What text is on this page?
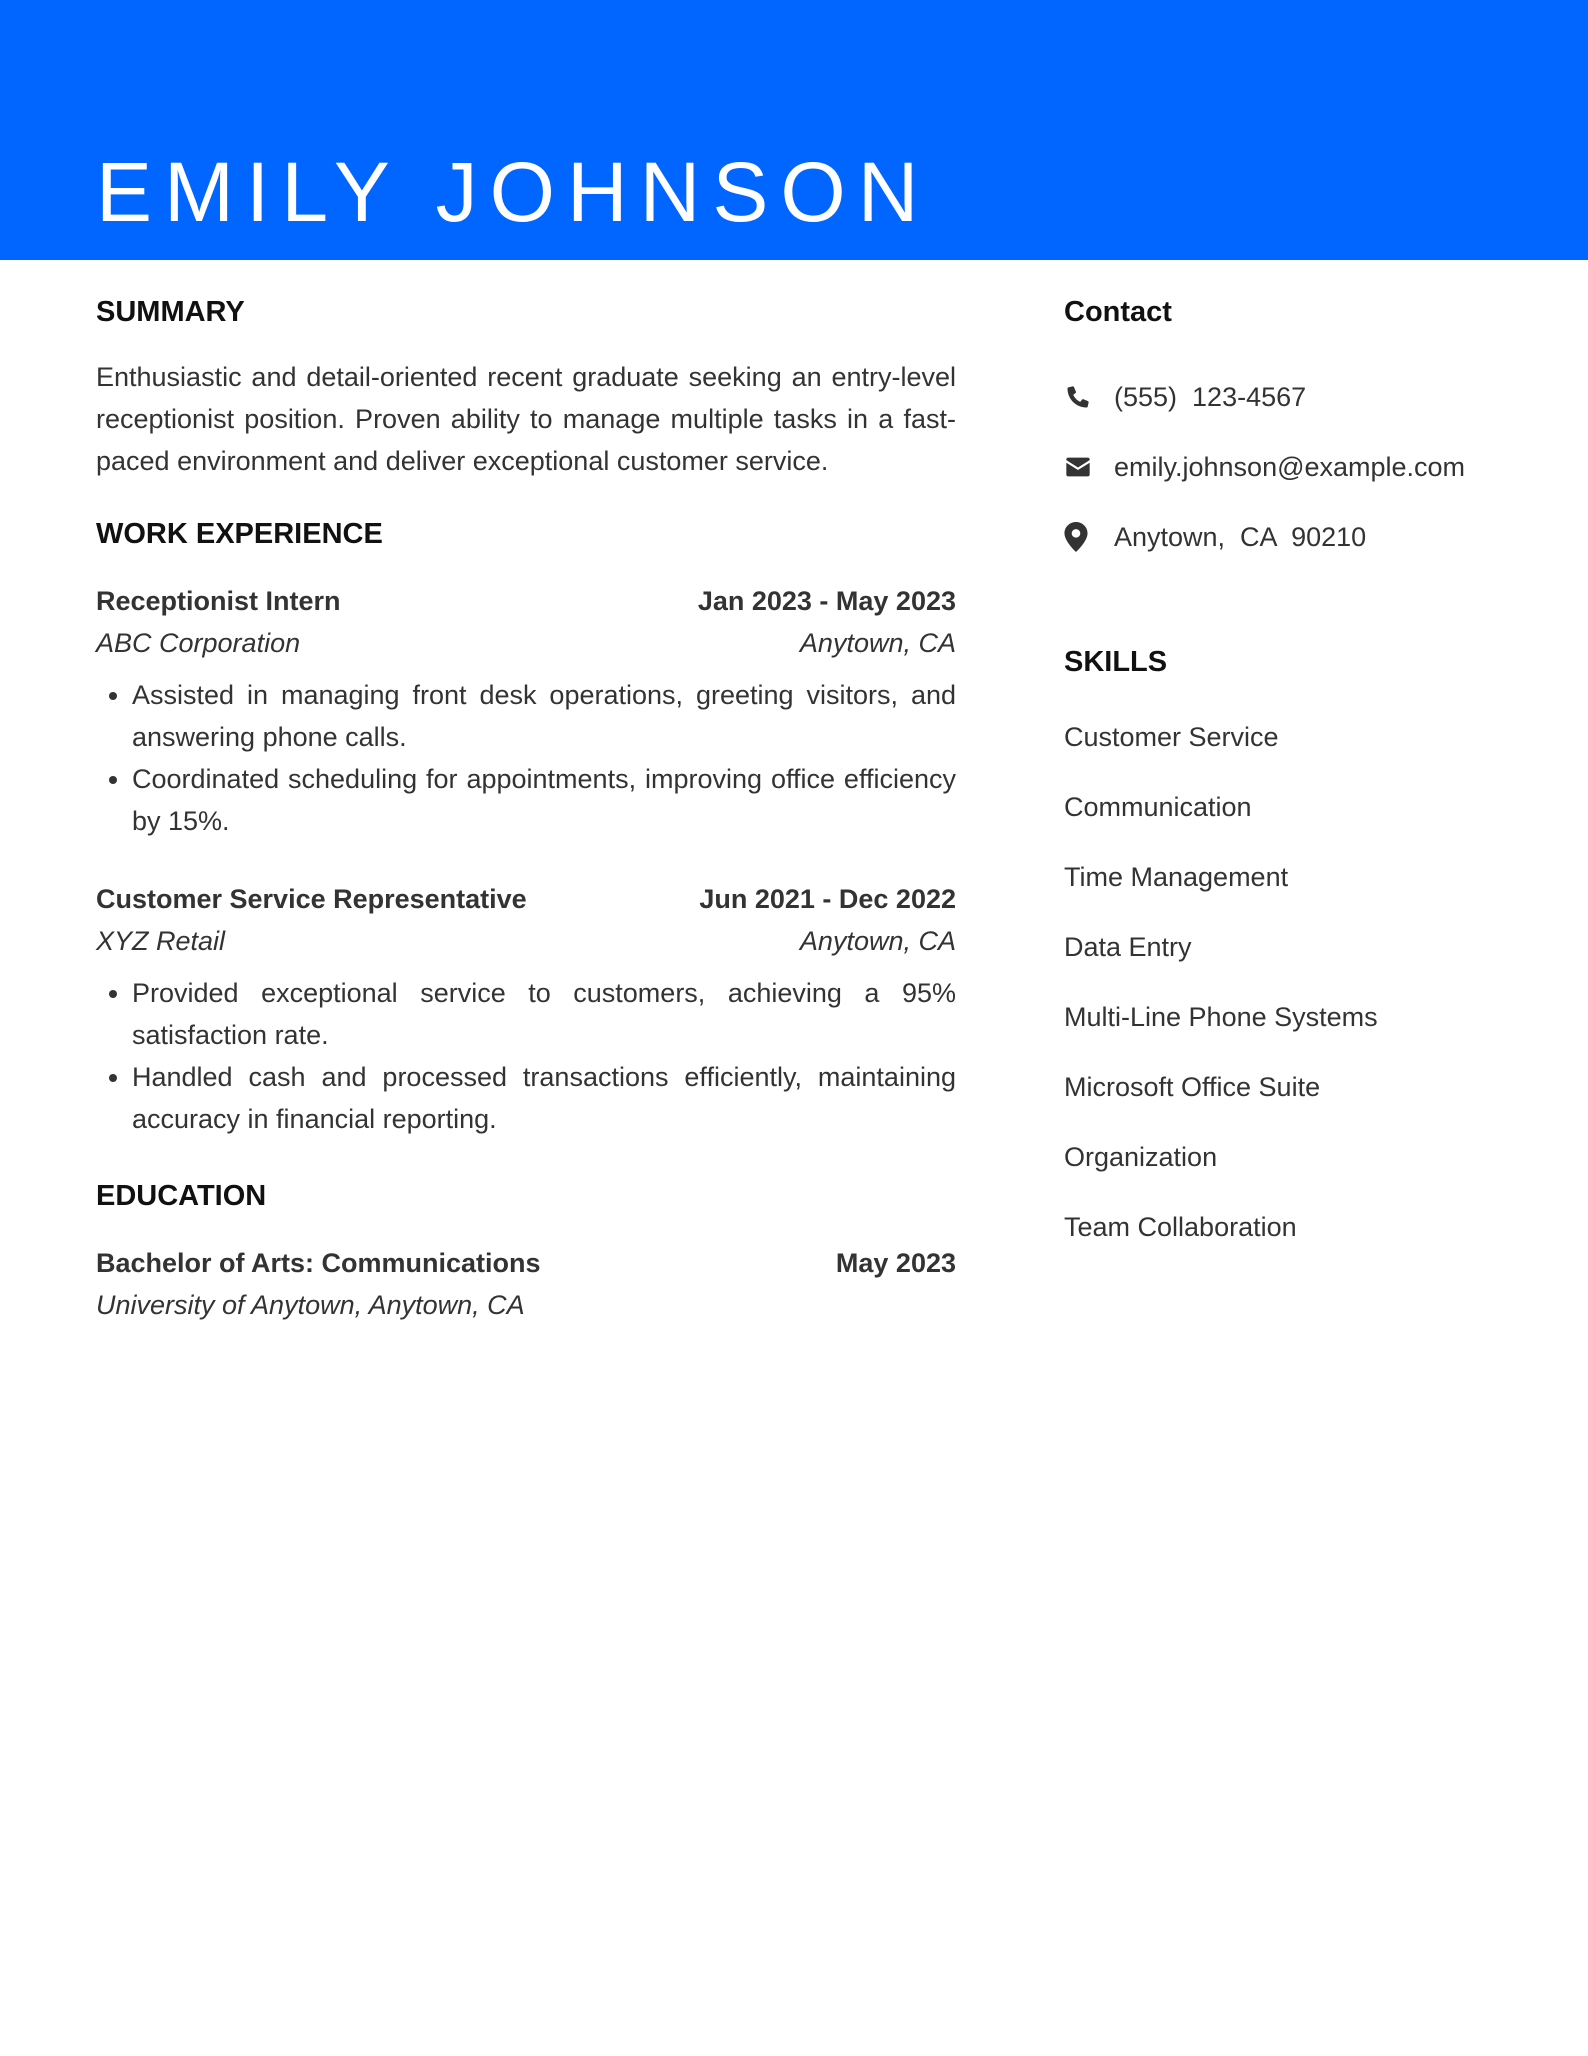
EMILY JOHNSON
SUMMARY

Enthusiastic and detail-oriented recent graduate seeking an entry-level receptionist position. Proven ability to manage multiple tasks in a fast-paced environment and deliver exceptional customer service.

WORK EXPERIENCE
Receptionist Intern	Jan 2023 - May 2023
ABC Corporation	Anytown, CA
• Assisted in managing front desk operations, greeting visitors, and answering phone calls.
• Coordinated scheduling for appointments, improving office efficiency by 15%.
Customer Service Representative	Jun 2021 - Dec 2022
XYZ Retail	Anytown, CA
• Provided exceptional service to customers, achieving a 95% satisfaction rate.
• Handled cash and processed transactions efficiently, maintaining accuracy in financial reporting.
EDUCATION
Bachelor of Arts: Communications	May 2023
University of Anytown, Anytown, CA
Contact
(555)  123-4567
emily.johnson@example.com
Anytown,  CA  90210
SKILLS
Customer Service
Communication
Time Management
Data Entry
Multi-Line Phone Systems
Microsoft Office Suite
Organization
Team Collaboration
